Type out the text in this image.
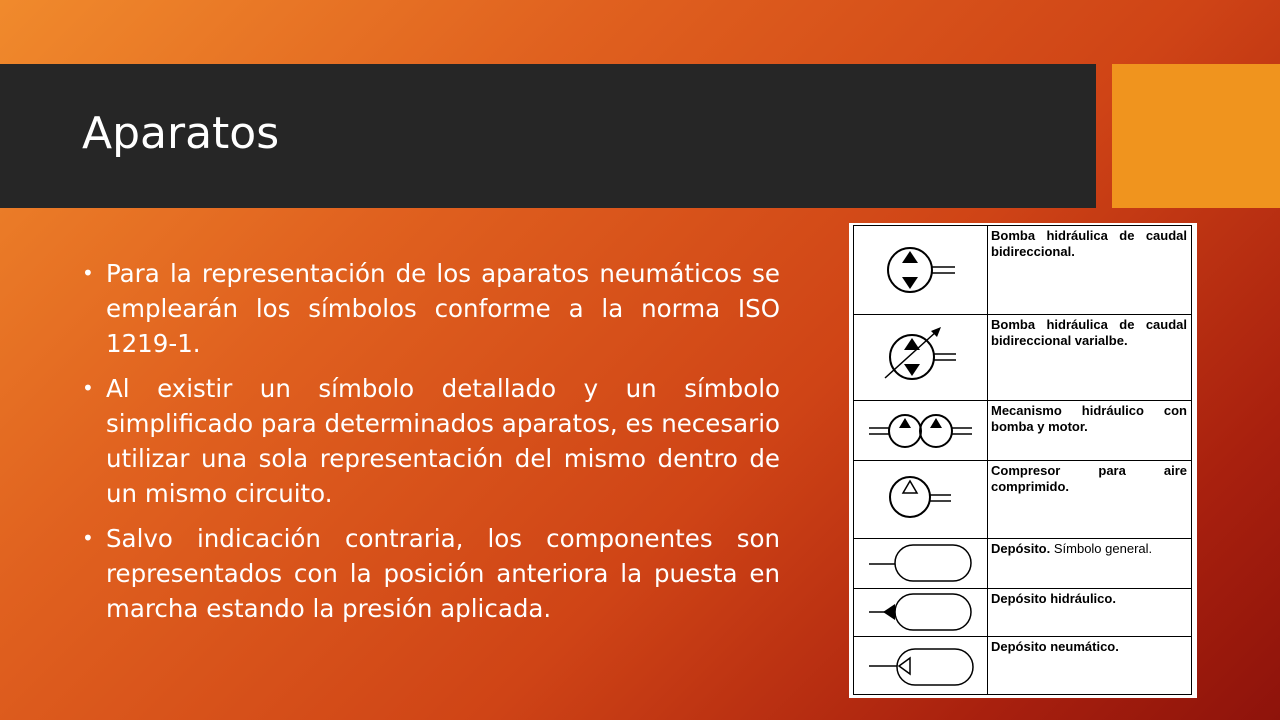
Aparatos
• Para la representación de los aparatos neumáticos se emplearán los símbolos conforme a la norma ISO 1219-1.
• Al existir un símbolo detallado y un símbolo simplificado para determinados aparatos, es necesario utilizar una sola representación del mismo dentro de un mismo circuito.
• Salvo indicación contraria, los componentes son representados con la posición anteriora la puesta en marcha estando la presión aplicada.
Bomba hidráulica de caudal bidireccional.
Bomba hidráulica de caudal bidireccional varialbe.
Mecanismo hidráulico con bomba y motor.
Compresor para aire comprimido.
Depósito. Símbolo general.
Depósito hidráulico.
Depósito neumático.
